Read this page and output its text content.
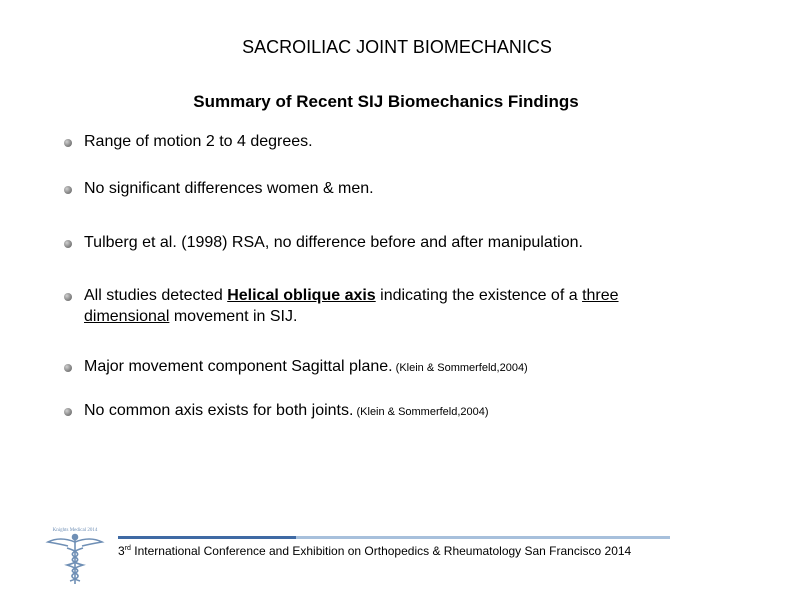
SACROILIAC JOINT BIOMECHANICS
Summary of Recent SIJ Biomechanics Findings
Range of motion 2 to 4 degrees.
No significant differences women & men.
Tulberg et al. (1998) RSA, no difference before and after manipulation.
All studies detected Helical oblique axis indicating the existence of a three dimensional movement in SIJ.
Major movement component Sagittal plane. (Klein & Sommerfeld,2004)
No common axis exists for both joints. (Klein & Sommerfeld,2004)
Knights Medical 2014
3rd International Conference and Exhibition on Orthopedics & Rheumatology San Francisco 2014
